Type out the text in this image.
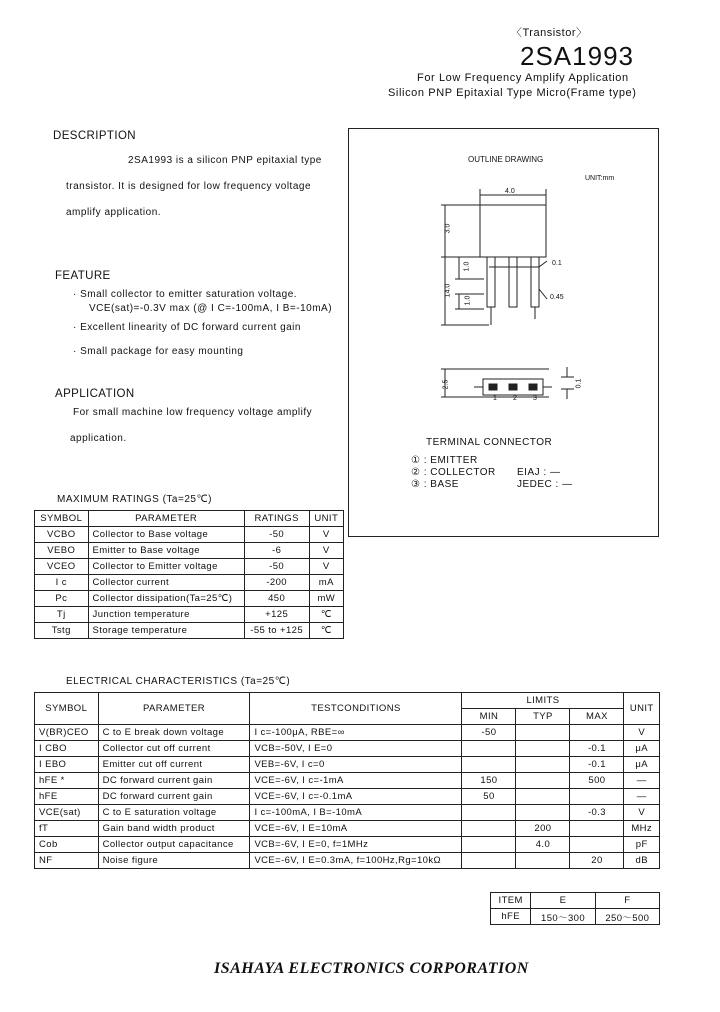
〈Transistor〉
2SA1993
For Low Frequency Amplify Application
Silicon PNP Epitaxial Type Micro(Frame type)
DESCRIPTION
2SA1993 is a silicon PNP epitaxial type
transistor. It is designed for low frequency voltage
amplify application.
FEATURE
· Small collector to emitter saturation voltage.
VCE(sat)=-0.3V max (@ I C=-100mA, I B=-10mA)
· Excellent linearity of DC forward current gain
· Small package for easy mounting
APPLICATION
For small machine low frequency voltage amplify
application.
OUTLINE DRAWING
UNIT:mm
4.0
3.0
1.0
14.0
1.0
0.1
0.45
2.5	0.1
1 2 3
TERMINAL CONNECTOR
① : EMITTER
② : COLLECTOR
③ : BASE
EIAJ : —
JEDEC : —
MAXIMUM RATINGS (Ta=25℃)
SYMBOL	PARAMETER	RATINGS	UNIT
VCBO	Collector to Base voltage	-50	V
VEBO	Emitter to Base voltage	-6	V
VCEO	Collector to Emitter voltage	-50	V
I c	Collector current	-200	mA
Pc	Collector dissipation(Ta=25℃)	450	mW
Tj	Junction temperature	+125	℃
Tstg	Storage temperature	-55 to +125	℃
ELECTRICAL CHARACTERISTICS (Ta=25℃)
SYMBOL	PARAMETER	TESTCONDITIONS	LIMITS			UNIT
			MIN	TYP	MAX	
V(BR)CEO	C to E break down voltage	I c=-100μA, RBE=∞	-50			V
I CBO	Collector cut off current	VCB=-50V, I E=0			-0.1	μA
I EBO	Emitter cut off current	VEB=-6V, I c=0			-0.1	μA
hFE *	DC forward current gain	VCE=-6V, I c=-1mA	150		500	—
hFE	DC forward current gain	VCE=-6V, I c=-0.1mA	50			—
VCE(sat)	C to E saturation voltage	I c=-100mA, I B=-10mA			-0.3	V
fT	Gain band width product	VCE=-6V, I E=10mA		200		MHz
Cob	Collector output capacitance	VCB=-6V, I E=0, f=1MHz		4.0		pF
NF	Noise figure	VCE=-6V, I E=0.3mA, f=100Hz,Rg=10kΩ			20	dB
ITEM	E	F
hFE	150～300	250～500
ISAHAYA ELECTRONICS CORPORATION
